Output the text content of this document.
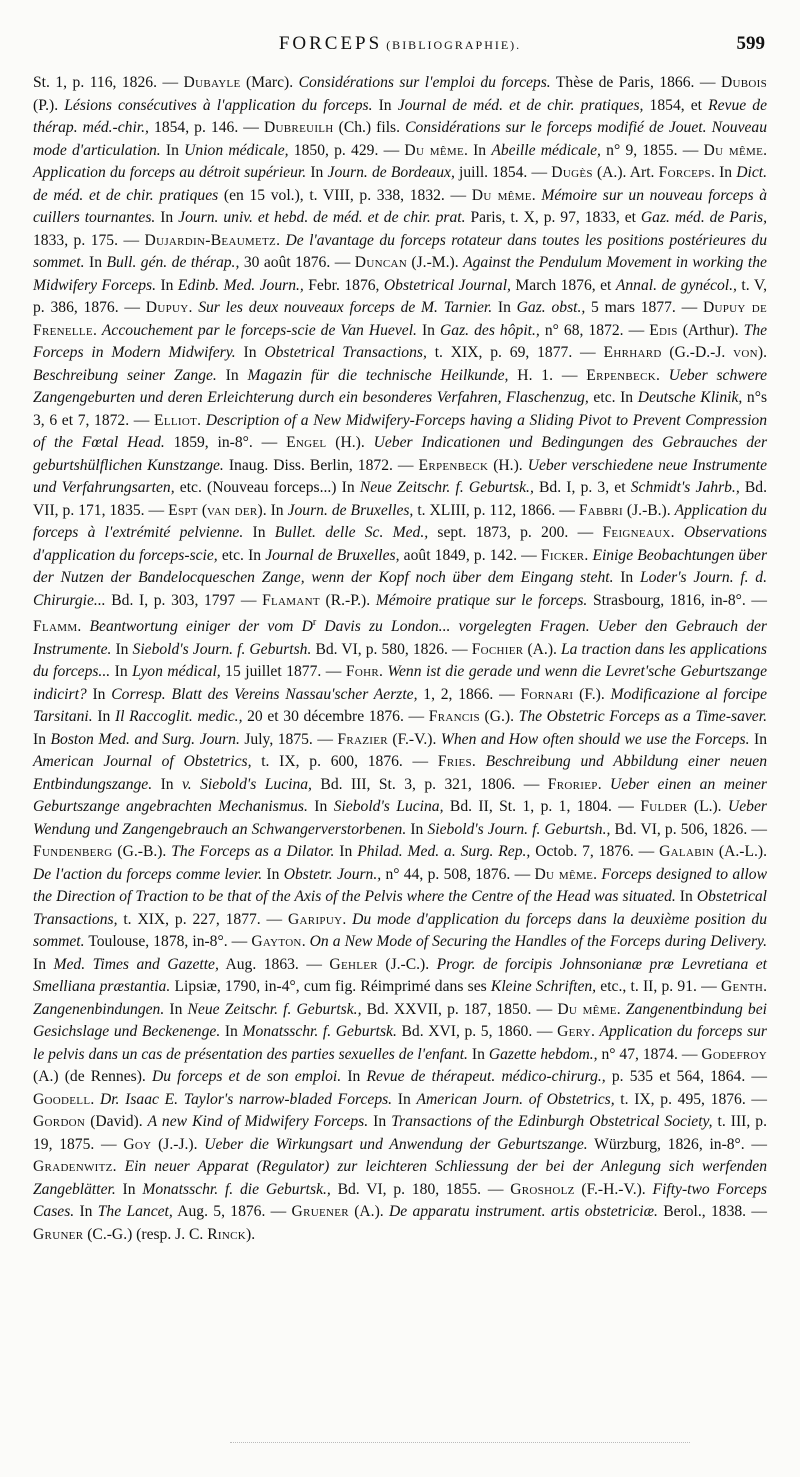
FORCEPS (BIBLIOGRAPHIE).	599
St. 1, p. 116, 1826. — Dubayle (Marc). Considérations sur l'emploi du forceps. Thèse de Paris, 1866. — Dubois (P.). Lésions consécutives à l'application du forceps. In Journal de méd. et de chir. pratiques, 1854, et Revue de thérap. méd.-chir., 1854, p. 146. — Dubreuilh (Ch.) fils. Considérations sur le forceps modifié de Jouet. Nouveau mode d'articulation. In Union médicale, 1850, p. 429. — Du même. In Abeille médicale, n° 9, 1855. — Du même. Application du forceps au détroit supérieur. In Journ. de Bordeaux, juill. 1854. — Dugès (A.). Art. Forceps. In Dict. de méd. et de chir. pratiques (en 15 vol.), t. VIII, p. 338, 1832. — Du même. Mémoire sur un nouveau forceps à cuillers tournantes. In Journ. univ. et hebd. de méd. et de chir. prat. Paris, t. X, p. 97, 1833, et Gaz. méd. de Paris, 1833, p. 175. — Dujardin-Beaumetz. De l'avantage du forceps rotateur dans toutes les positions postérieures du sommet. In Bull. gén. de thérap., 30 août 1876. — Duncan (J.-M.). Against the Pendulum Movement in working the Midwifery Forceps. In Edinb. Med. Journ., Febr. 1876, Obstetrical Journal, March 1876, et Annal. de gynécol., t. V, p. 386, 1876. — Dupuy. Sur les deux nouveaux forceps de M. Tarnier. In Gaz. obst., 5 mars 1877. — Dupuy de Frenelle. Accouchement par le forceps-scie de Van Huevel. In Gaz. des hôpit., n° 68, 1872. — Edis (Arthur). The Forceps in Modern Midwifery. In Obstetrical Transactions, t. XIX, p. 69, 1877. — Ehrhard (G.-D.-J. von). Beschreibung seiner Zange. In Magazin für die technische Heilkunde, H. 1. — Erpenbeck. Ueber schwere Zangengeburten und deren Erleichterung durch ein besonderes Verfahren, Flaschenzug, etc. In Deutsche Klinik, n°s 3, 6 et 7, 1872. — Elliot. Description of a New Midwifery-Forceps having a Sliding Pivot to Prevent Compression of the Fœtal Head. 1859, in-8°. — Engel (H.). Ueber Indicationen und Bedingungen des Gebrauches der geburtshülflichen Kunstzange. Inaug. Diss. Berlin, 1872. — Erpenbeck (H.). Ueber verschiedene neue Instrumente und Verfahrungsarten, etc. (Nouveau forceps...) In Neue Zeitschr. f. Geburtsk., Bd. I, p. 3, et Schmidt's Jahrb., Bd. VII, p. 171, 1835. — Espt (van der). In Journ. de Bruxelles, t. XLIII, p. 112, 1866. — Fabbri (J.-B.). Application du forceps à l'extrémité pelvienne. In Bullet. delle Sc. Med., sept. 1873, p. 200. — Feigneaux. Observations d'application du forceps-scie, etc. In Journal de Bruxelles, août 1849, p. 142. — Ficker. Einige Beobachtungen über der Nutzen der Bandelocqueschen Zange, wenn der Kopf noch über dem Eingang steht. In Loder's Journ. f. d. Chirurgie... Bd. I, p. 303, 1797 — Flamant (R.-P.). Mémoire pratique sur le forceps. Strasbourg, 1816, in-8°. — Flamm. Beantwortung einiger der vom $D^r$ Davis zu London... vorgelegten Fragen. Ueber den Gebrauch der Instrumente. In Siebold's Journ. f. Geburtsh. Bd. VI, p. 580, 1826. — Fochier (A.). La traction dans les applications du forceps... In Lyon médical, 15 juillet 1877. — Fohr. Wenn ist die gerade und wenn die Levret'sche Geburtszange indicirt? In Corresp. Blatt des Vereins Nassau'scher Aerzte, 1, 2, 1866. — Fornari (F.). Modificazione al forcipe Tarsitani. In Il Raccoglit. medic., 20 et 30 décembre 1876. — Francis (G.). The Obstetric Forceps as a Time-saver. In Boston Med. and Surg. Journ. July, 1875. — Frazier (F.-V.). When and How often should we use the Forceps. In American Journal of Obstetrics, t. IX, p. 600, 1876. — Fries. Beschreibung und Abbildung einer neuen Entbindungszange. In v. Siebold's Lucina, Bd. III, St. 3, p. 321, 1806. — Froriep. Ueber einen an meiner Geburtszange angebrachten Mechanismus. In Siebold's Lucina, Bd. II, St. 1, p. 1, 1804. — Fulder (L.). Ueber Wendung und Zangengebrauch an Schwangerverstorbenen. In Siebold's Journ. f. Geburtsh., Bd. VI, p. 506, 1826. — Fundenberg (G.-B.). The Forceps as a Dilator. In Philad. Med. a. Surg. Rep., Octob. 7, 1876. — Galabin (A.-L.). De l'action du forceps comme levier. In Obstetr. Journ., n° 44, p. 508, 1876. — Du même. Forceps designed to allow the Direction of Traction to be that of the Axis of the Pelvis where the Centre of the Head was situated. In Obstetrical Transactions, t. XIX, p. 227, 1877. — Garipuy. Du mode d'application du forceps dans la deuxième position du sommet. Toulouse, 1878, in-8°. — Gayton. On a New Mode of Securing the Handles of the Forceps during Delivery. In Med. Times and Gazette, Aug. 1863. — Gehler (J.-C.). Progr. de forcipis Johnsonianæ præ Levretiana et Smelliana præstantia. Lipsiæ, 1790, in-4°, cum fig. Réimprimé dans ses Kleine Schriften, etc., t. II, p. 91. — Genth. Zangenenbindungen. In Neue Zeitschr. f. Geburtsk., Bd. XXVII, p. 187, 1850. — Du même. Zangenentbindung bei Gesichslage und Beckenenge. In Monatsschr. f. Geburtsk. Bd. XVI, p. 5, 1860. — Gery. Application du forceps sur le pelvis dans un cas de présentation des parties sexuelles de l'enfant. In Gazette hebdom., n° 47, 1874. — Godefroy (A.) (de Rennes). Du forceps et de son emploi. In Revue de thérapeut. médico-chirurg., p. 535 et 564, 1864. — Goodell. Dr. Isaac E. Taylor's narrow-bladed Forceps. In American Journ. of Obstetrics, t. IX, p. 495, 1876. — Gordon (David). A new Kind of Midwifery Forceps. In Transactions of the Edinburgh Obstetrical Society, t. III, p. 19, 1875. — Goy (J.-J.). Ueber die Wirkungsart und Anwendung der Geburtszange. Würzburg, 1826, in-8°. — Gradenwitz. Ein neuer Apparat (Regulator) zur leichteren Schliessung der bei der Anlegung sich werfenden Zangeblätter. In Monatsschr. f. die Geburtsk., Bd. VI, p. 180, 1855. — Grosholz (F.-H.-V.). Fifty-two Forceps Cases. In The Lancet, Aug. 5, 1876. — Gruener (A.). De apparatu instrument. artis obstetriciæ. Berol., 1838. — Gruner (C.-G.) (resp. J. C. Rinck).
